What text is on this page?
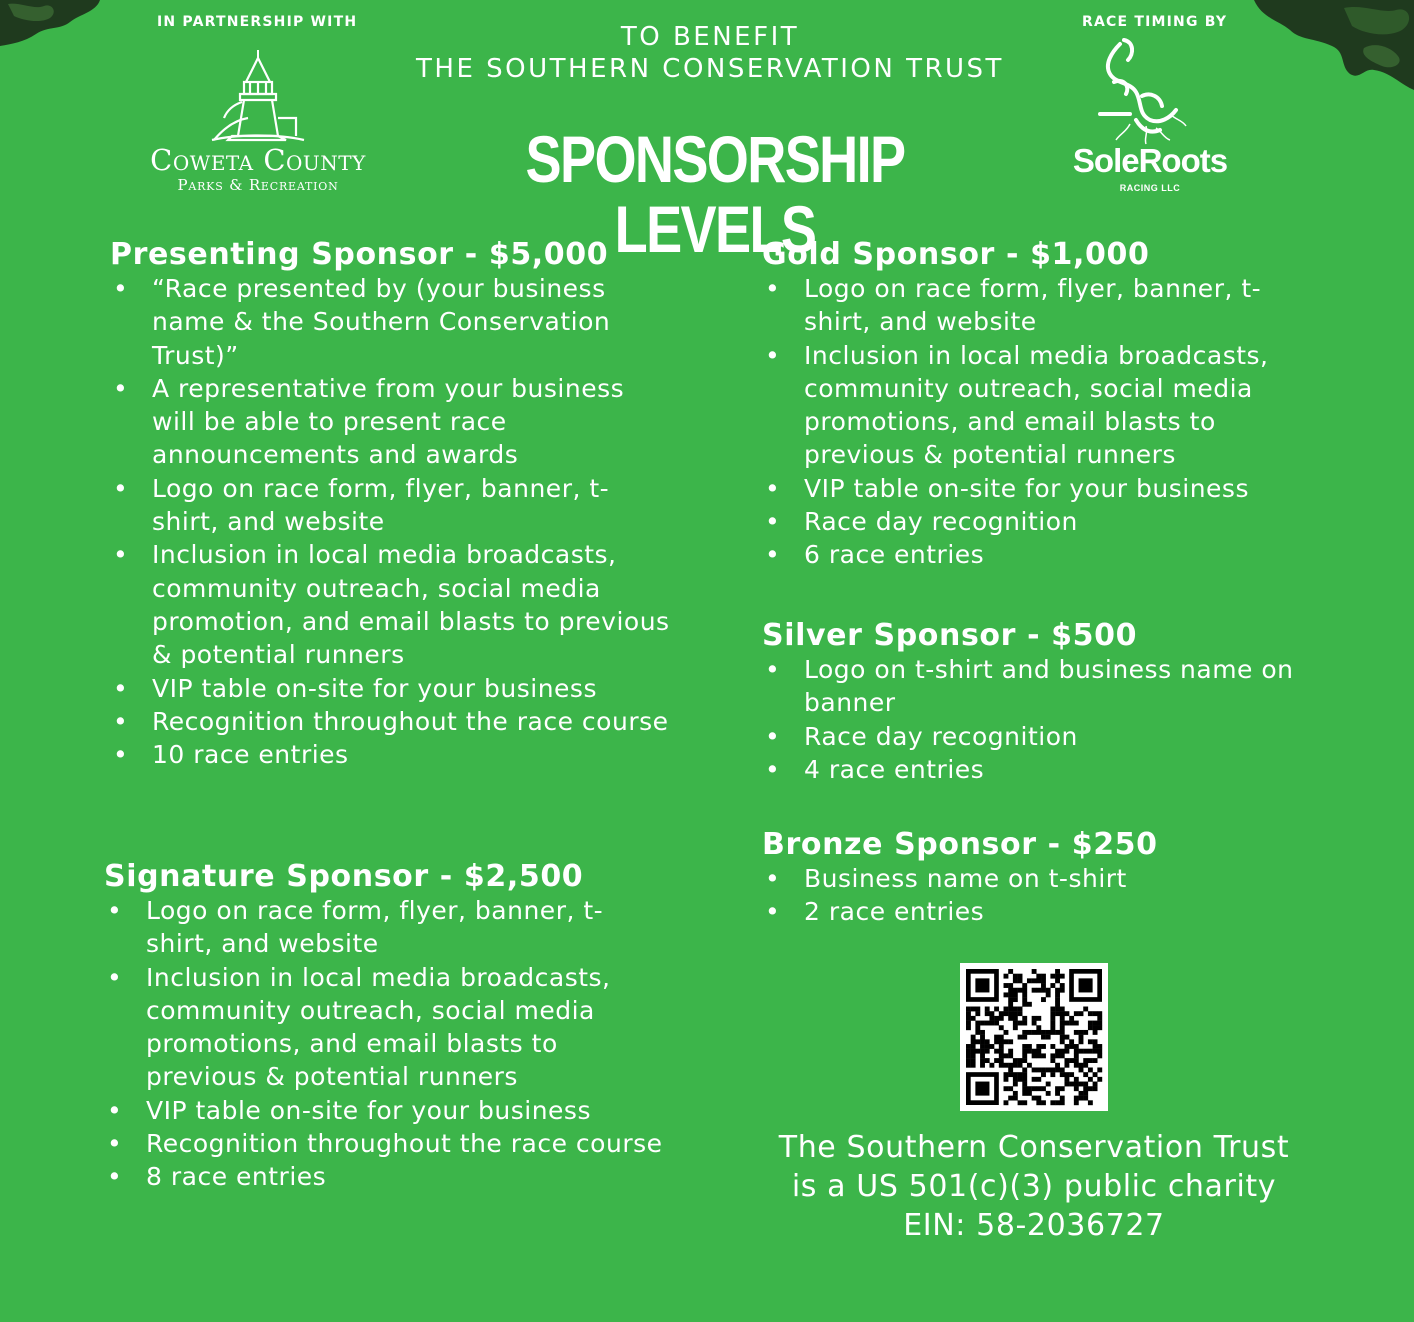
IN PARTNERSHIP WITH	RACE TIMING BY
TO BENEFIT
THE SOUTHERN CONSERVATION TRUST
SPONSORSHIP LEVELS
Coweta County
Parks & Recreation
SoleRoots
RACING LLC
Presenting Sponsor - $5,000
• “Race presented by (your business name & the Southern Conservation Trust)”
• A representative from your business will be able to present race announcements and awards
• Logo on race form, flyer, banner, t-shirt, and website
• Inclusion in local media broadcasts, community outreach, social media promotion, and email blasts to previous & potential runners
• VIP table on-site for your business
• Recognition throughout the race course
• 10 race entries
Signature Sponsor - $2,500
• Logo on race form, flyer, banner, t-shirt, and website
• Inclusion in local media broadcasts, community outreach, social media promotions, and email blasts to previous & potential runners
• VIP table on-site for your business
• Recognition throughout the race course
• 8 race entries
Gold Sponsor - $1,000
• Logo on race form, flyer, banner, t-shirt, and website
• Inclusion in local media broadcasts, community outreach, social media promotions, and email blasts to previous & potential runners
• VIP table on-site for your business
• Race day recognition
• 6 race entries
Silver Sponsor - $500
• Logo on t-shirt and business name on banner
• Race day recognition
• 4 race entries
Bronze Sponsor - $250
• Business name on t-shirt
• 2 race entries
The Southern Conservation Trust
is a US 501(c)(3) public charity
EIN: 58-2036727
